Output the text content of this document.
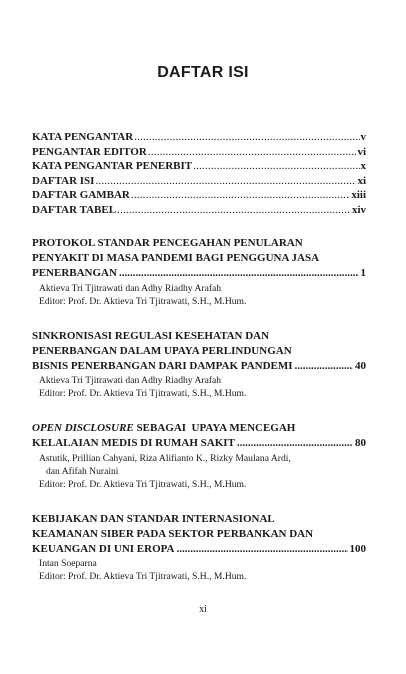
DAFTAR ISI
KATA PENGANTAR .....	v
PENGANTAR EDITOR .....	vi
KATA PENGANTAR PENERBIT .....	x
DAFTAR ISI .....	xi
DAFTAR GAMBAR .....	xiii
DAFTAR TABEL .....	xiv
PROTOKOL STANDAR PENCEGAHAN PENULARAN
PENYAKIT DI MASA PANDEMI BAGI PENGGUNA JASA
PENERBANGAN .....	1
Aktieva Tri Tjitrawati dan Adhy Riadhy Arafah
Editor: Prof. Dr. Aktieva Tri Tjitrawati, S.H., M.Hum.
SINKRONISASI REGULASI KESEHATAN DAN
PENERBANGAN DALAM UPAYA PERLINDUNGAN
BISNIS PENERBANGAN DARI DAMPAK PANDEMI .....	40
Aktieva Tri Tjitrawati dan Adhy Riadhy Arafah
Editor: Prof. Dr. Aktieva Tri Tjitrawati, S.H., M.Hum.
OPEN DISCLOSURE SEBAGAI  UPAYA MENCEGAH
KELALAIAN MEDIS DI RUMAH SAKIT .....	80
Astutik, Prillian Cahyani, Riza Alifianto K., Rizky Maulana Ardi,
dan Afifah Nuraini
Editor: Prof. Dr. Aktieva Tri Tjitrawati, S.H., M.Hum.
KEBIJAKAN DAN STANDAR INTERNASIONAL
KEAMANAN SIBER PADA SEKTOR PERBANKAN DAN
KEUANGAN DI UNI EROPA .....	100
Intan Soeparna
Editor: Prof. Dr. Aktieva Tri Tjitrawati, S.H., M.Hum.
xi
